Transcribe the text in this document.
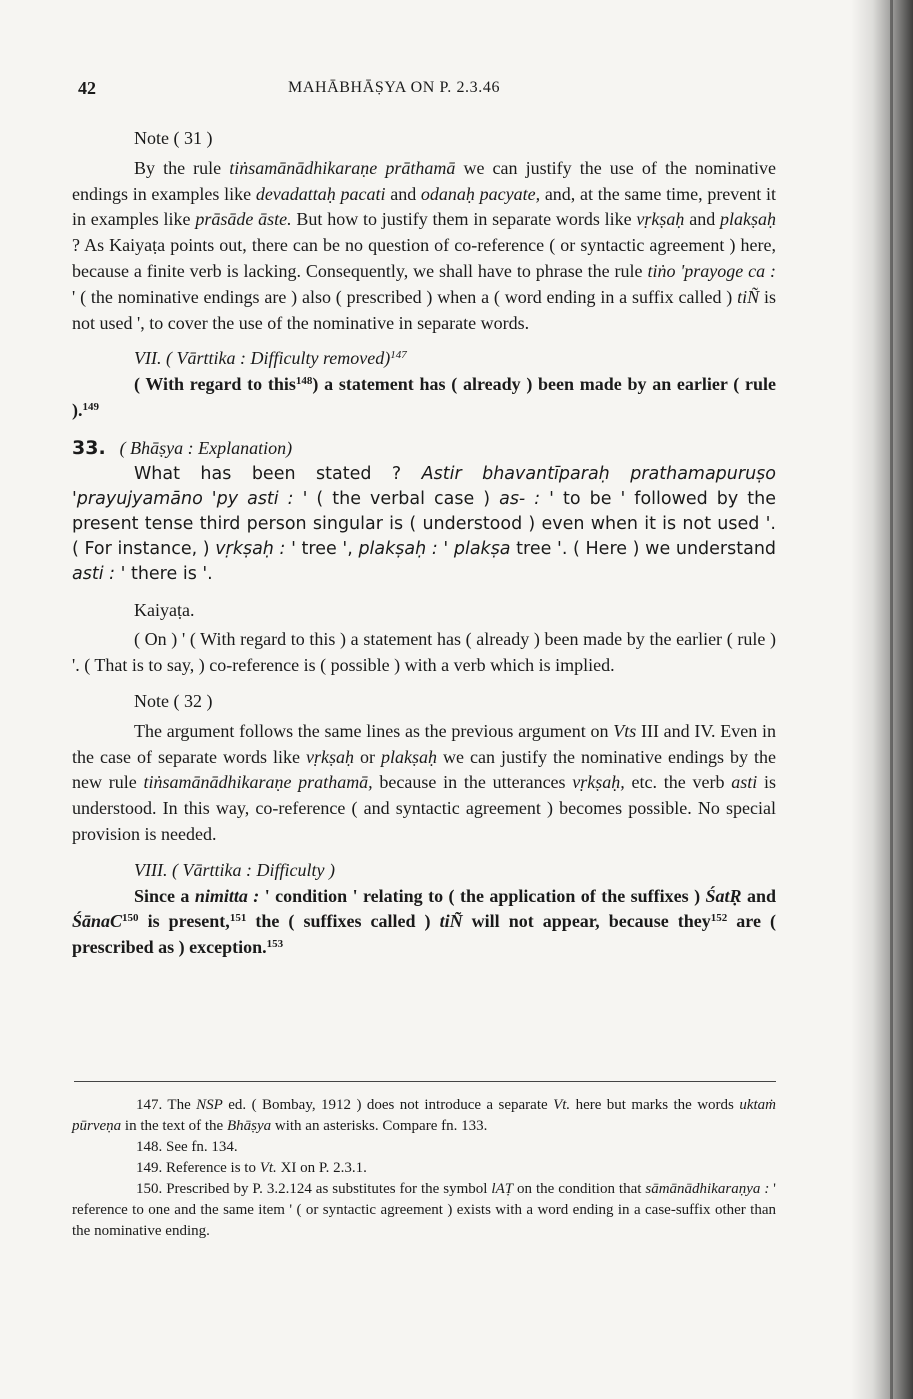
42	MAHĀBHĀṢYA ON P. 2.3.46

Note ( 31 )

By the rule tiṅsamānādhikaraṇe prāthamā we can justify the use of the nominative endings in examples like devadattaḥ pacati and odanaḥ pacyate, and, at the same time, prevent it in examples like prāsāde āste. But how to justify them in separate words like vṛkṣaḥ and plakṣaḥ ? As Kaiyaṭa points out, there can be no question of co-reference ( or syntactic agreement ) here, because a finite verb is lacking. Consequently, we shall have to phrase the rule tiṅo 'prayoge ca : ' ( the nominative endings are ) also ( prescribed ) when a ( word ending in a suffix called ) tiÑ is not used ', to cover the use of the nominative in separate words.

VII. ( Vārttika : Difficulty removed)$^{147}$

( With regard to this$^{148}$) a statement has ( already ) been made by an earlier ( rule ).$^{149}$

33. ( Bhāṣya : Explanation)

What has been stated ? Astir bhavantīparaḥ prathamapuruṣo 'prayujyamāno 'py asti : ' ( the verbal case ) as- : ' to be ' followed by the present tense third person singular is ( understood ) even when it is not used '. ( For instance, ) vṛkṣaḥ : ' tree ', plakṣaḥ : ' plakṣa tree '. ( Here ) we understand asti : ' there is '.

Kaiyaṭa.

( On ) ' ( With regard to this ) a statement has ( already ) been made by the earlier ( rule ) '. ( That is to say, ) co-reference is ( possible ) with a verb which is implied.

Note ( 32 )

The argument follows the same lines as the previous argument on Vts III and IV. Even in the case of separate words like vṛkṣaḥ or plakṣaḥ we can justify the nominative endings by the new rule tiṅsamānādhikaraṇe prathamā, because in the utterances vṛkṣaḥ, etc. the verb asti is understood. In this way, co-reference ( and syntactic agreement ) becomes possible. No special provision is needed.

VIII. ( Vārttika : Difficulty )

Since a nimitta : ' condition ' relating to ( the application of the suffixes ) ŚatṚ and ŚānaC$^{150}$ is present,$^{151}$ the ( suffixes called ) tiÑ will not appear, because they$^{152}$ are ( prescribed as ) exception.$^{153}$

147. The NSP ed. ( Bombay, 1912 ) does not introduce a separate Vt. here but marks the words uktaṁ pūrveṇa in the text of the Bhāṣya with an asterisks. Compare fn. 133.

148. See fn. 134.

149. Reference is to Vt. XI on P. 2.3.1.

150. Prescribed by P. 3.2.124 as substitutes for the symbol lAṬ on the condition that sāmānādhikaraṇya : ' reference to one and the same item ' ( or syntactic agreement ) exists with a word ending in a case-suffix other than the nominative ending.
